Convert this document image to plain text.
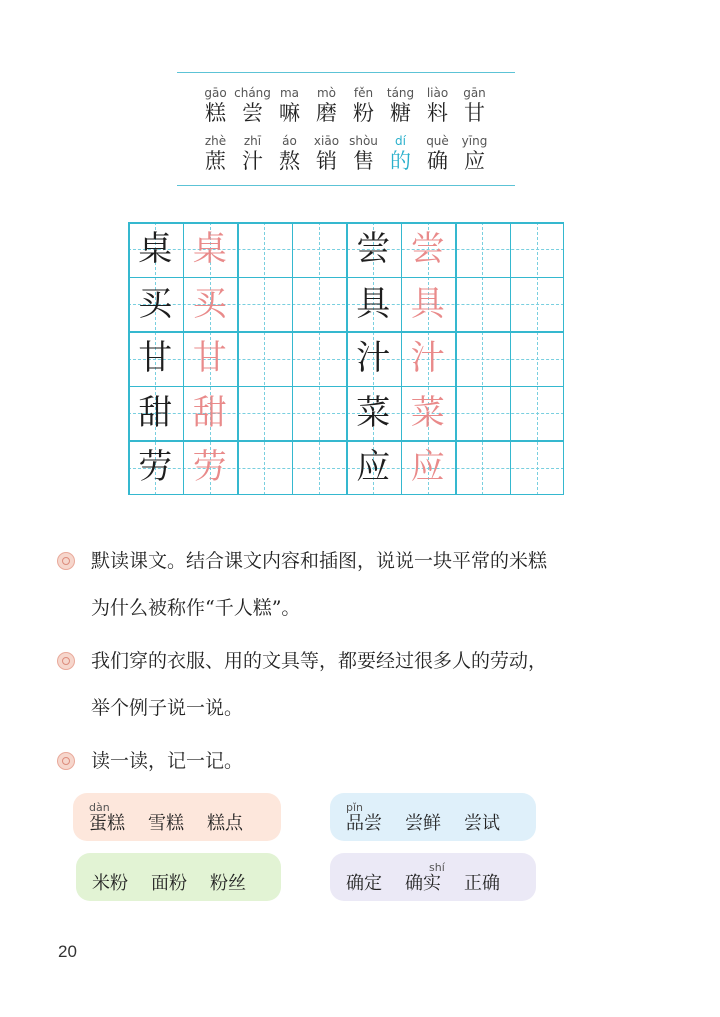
gāo
糕
cháng
尝
ma
嘛
mò
磨
fěn
粉
táng
糖
liào
料
gān
甘
zhè
蔗
zhī
汁
áo
熬
xiāo
销
shòu
售
dí
的
què
确
yīng
应
桌 桌
买 买
甘 甘
甜 甜
劳 劳
尝 尝
具 具
汁 汁
菜 菜
应 应
默读课文。结合课文内容和插图，说说一块平常的米糕
为什么被称作“千人糕”。
我们穿的衣服、用的文具等，都要经过很多人的劳动，
举个例子说一说。
读一读，记一记。
dàn
蛋糕 雪糕 糕点
pǐn
品尝 尝鲜 尝试
米粉 面粉 粉丝	确定
shí
确实 正确
20
